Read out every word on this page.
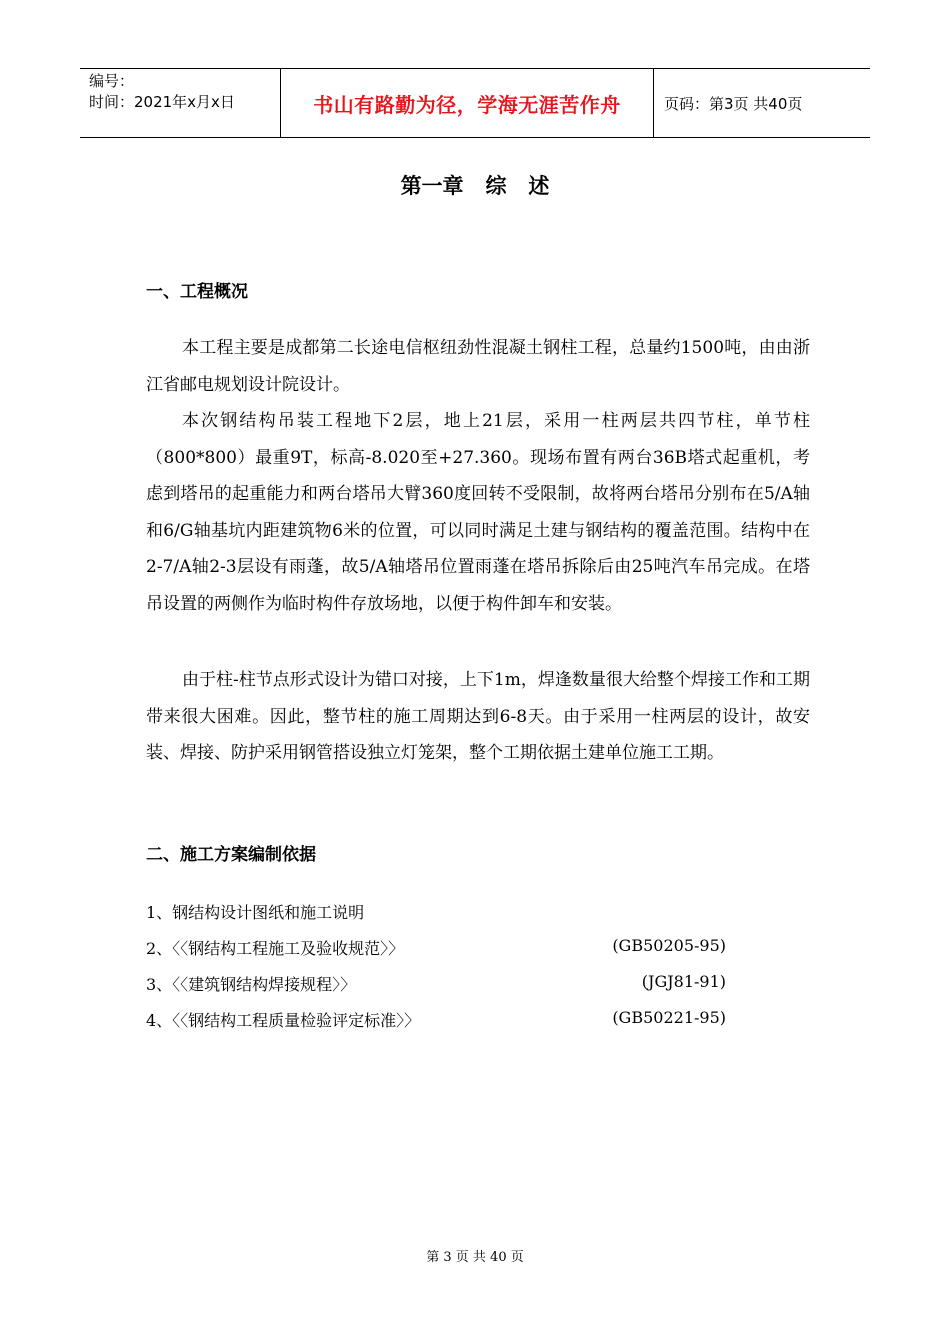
编号：
时间：2021年x月x日	书山有路勤为径，学海无涯苦作舟	页码：第3页 共40页
第一章   综   述
一、工程概况
本工程主要是成都第二长途电信枢纽劲性混凝土钢柱工程，总量约1500吨，由由浙江省邮电规划设计院设计。
本次钢结构吊装工程地下2层，地上21层，采用一柱两层共四节柱，单节柱（800*800）最重9T，标高-8.020至+27.360。现场布置有两台36B塔式起重机，考虑到塔吊的起重能力和两台塔吊大臂360度回转不受限制，故将两台塔吊分别布在5/A轴和6/G轴基坑内距建筑物6米的位置，可以同时满足土建与钢结构的覆盖范围。结构中在2-7/A轴2-3层设有雨蓬，故5/A轴塔吊位置雨蓬在塔吊拆除后由25吨汽车吊完成。在塔吊设置的两侧作为临时构件存放场地，以便于构件卸车和安装。
由于柱-柱节点形式设计为错口对接，上下1m，焊逢数量很大给整个焊接工作和工期带来很大困难。因此，整节柱的施工周期达到6-8天。由于采用一柱两层的设计，故安装、焊接、防护采用钢管搭设独立灯笼架，整个工期依据土建单位施工工期。
二、施工方案编制依据
1、钢结构设计图纸和施工说明
2、〈〈钢结构工程施工及验收规范〉〉	(GB50205-95)
3、〈〈建筑钢结构焊接规程〉〉	(JGJ81-91)
4、〈〈钢结构工程质量检验评定标准〉〉	(GB50221-95)
第 3 页 共 40 页
